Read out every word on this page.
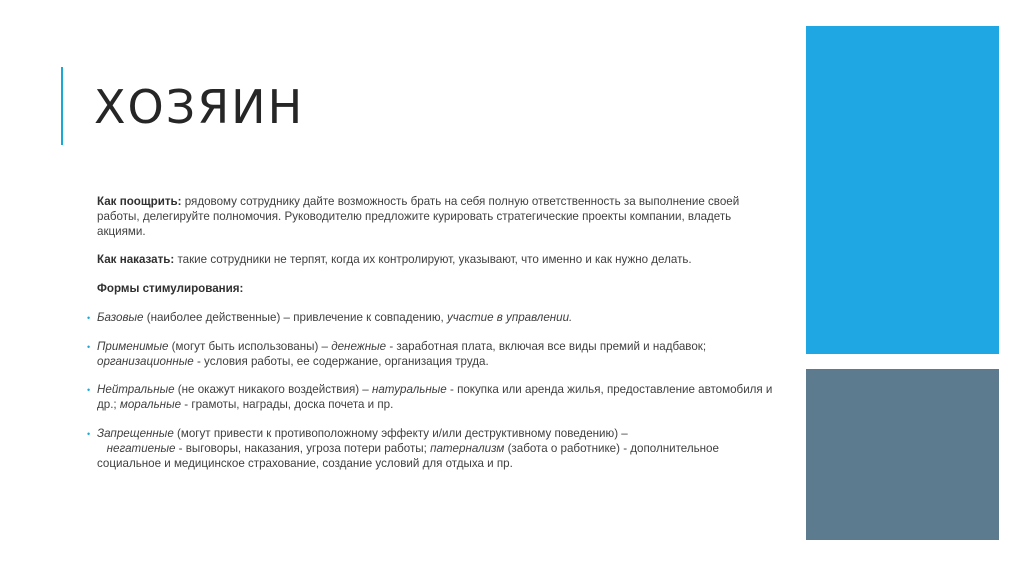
ХОЗЯИН

Как поощрить: рядовому сотруднику дайте возможность брать на себя полную ответственность за выполнение своей работы, делегируйте полномочия. Руководителю предложите курировать стратегические проекты компании, владеть акциями.

Как наказать: такие сотрудники не терпят, когда их контролируют, указывают, что именно и как нужно делать.

Формы стимулирования:

• Базовые (наиболее действенные) – привлечение к совпадению, участие в управлении.

• Применимые (могут быть использованы) – денежные - заработная плата, включая все виды премий и надбавок; организационные - условия работы, ее содержание, организация труда.

• Нейтральные (не окажут никакого воздействия) – натуральные - покупка или аренда жилья, предоставление автомобиля и др.; моральные - грамоты, награды, доска почета и пр.

• Запрещенные (могут привести к противоположному эффекту и/или деструктивному поведению) –
негатиеные - выговоры, наказания, угроза потери работы; патернализм (забота о работнике) - дополнительное социальное и медицинское страхование, создание условий для отдыха и пр.
